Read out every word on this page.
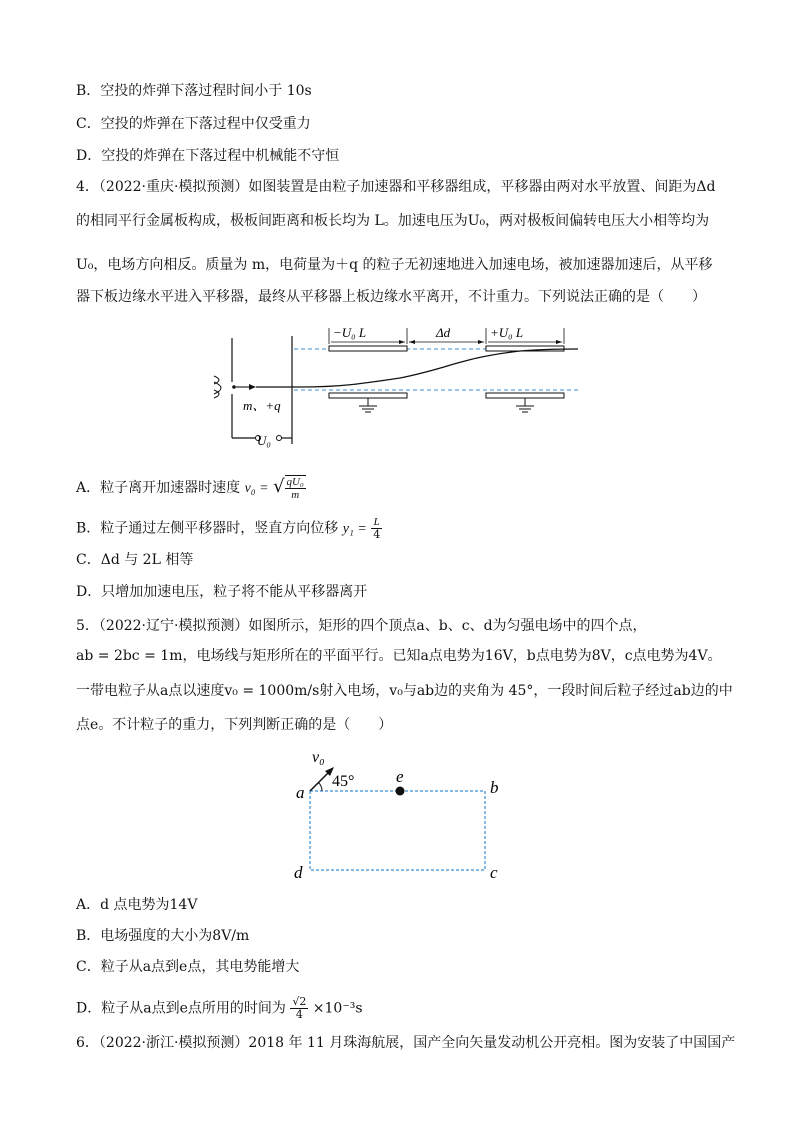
B．空投的炸弹下落过程时间小于 10s
C．空投的炸弹在下落过程中仅受重力
D．空投的炸弹在下落过程中机械能不守恒
4．（2022·重庆·模拟预测）如图装置是由粒子加速器和平移器组成，平移器由两对水平放置、间距为Δd
的相同平行金属板构成，极板间距离和板长均为 L。加速电压为U₀，两对极板间偏转电压大小相等均为
U₀，电场方向相反。质量为 m，电荷量为＋q 的粒子无初速地进入加速电场，被加速器加速后，从平移
器下板边缘水平进入平移器，最终从平移器上板边缘水平离开，不计重力。下列说法正确的是（　　）
U₀
m、+q
−U₀ L	Δd	+U₀ L
A．粒子离开加速器时速度 v₀ = √ $\frac{\text{qU₀}}{m}$
B．粒子通过左侧平移器时，竖直方向位移 $y_1 = \frac{L}{4}$
C．Δd 与 2L 相等
D．只增加加速电压，粒子将不能从平移器离开
5．（2022·辽宁·模拟预测）如图所示，矩形的四个顶点a、b、c、d为匀强电场中的四个点，
ab = 2bc = 1m，电场线与矩形所在的平面平行。已知a点电势为16V，b点电势为8V，c点电势为4V。
一带电粒子从a点以速度v₀ = 1000m/s射入电场，v₀与ab边的夹角为 45°，一段时间后粒子经过ab边的中
点e。不计粒子的重力，下列判断正确的是（　　）
v₀
45°
a
e
b
d	c
A．d 点电势为14V
B．电场强度的大小为8V/m
C．粒子从a点到e点，其电势能增大
D．粒子从a点到e点所用的时间为 $\frac{√2}{4} \times 10^{-3}s$
6．（2022·浙江·模拟预测）2018 年 11 月珠海航展，国产全向矢量发动机公开亮相。图为安装了中国国产
